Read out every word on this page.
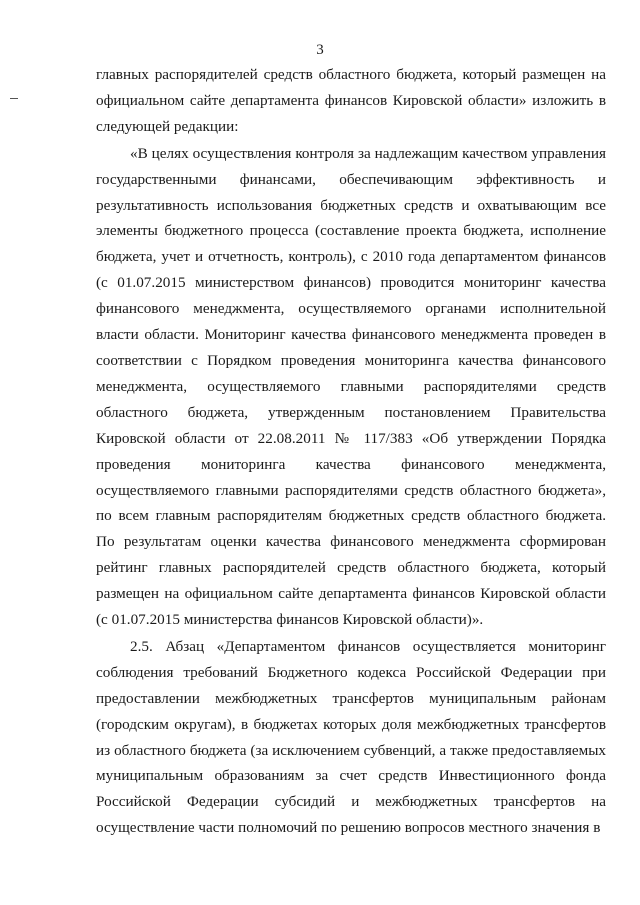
3

главных распорядителей средств областного бюджета, который размещен на официальном сайте департамента финансов Кировской области» изложить в следующей редакции:

«В целях осуществления контроля за надлежащим качеством управления государственными финансами, обеспечивающим эффективность и результативность использования бюджетных средств и охватывающим все элементы бюджетного процесса (составление проекта бюджета, исполнение бюджета, учет и отчетность, контроль), с 2010 года департаментом финансов (с 01.07.2015 министерством финансов) проводится мониторинг качества финансового менеджмента, осуществляемого органами исполнительной власти области. Мониторинг качества финансового менеджмента проведен в соответствии с Порядком проведения мониторинга качества финансового менеджмента, осуществляемого главными распорядителями средств областного бюджета, утвержденным постановлением Правительства Кировской области от 22.08.2011 № 117/383 «Об утверждении Порядка проведения мониторинга качества финансового менеджмента, осуществляемого главными распорядителями средств областного бюджета», по всем главным распорядителям бюджетных средств областного бюджета. По результатам оценки качества финансового менеджмента сформирован рейтинг главных распорядителей средств областного бюджета, который размещен на официальном сайте департамента финансов Кировской области (с 01.07.2015 министерства финансов Кировской области)».

2.5. Абзац «Департаментом финансов осуществляется мониторинг соблюдения требований Бюджетного кодекса Российской Федерации при предоставлении межбюджетных трансфертов муниципальным районам (городским округам), в бюджетах которых доля межбюджетных трансфертов из областного бюджета (за исключением субвенций, а также предоставляемых муниципальным образованиям за счет средств Инвестиционного фонда Российской Федерации субсидий и межбюджетных трансфертов на осуществление части полномочий по решению вопросов местного значения в
